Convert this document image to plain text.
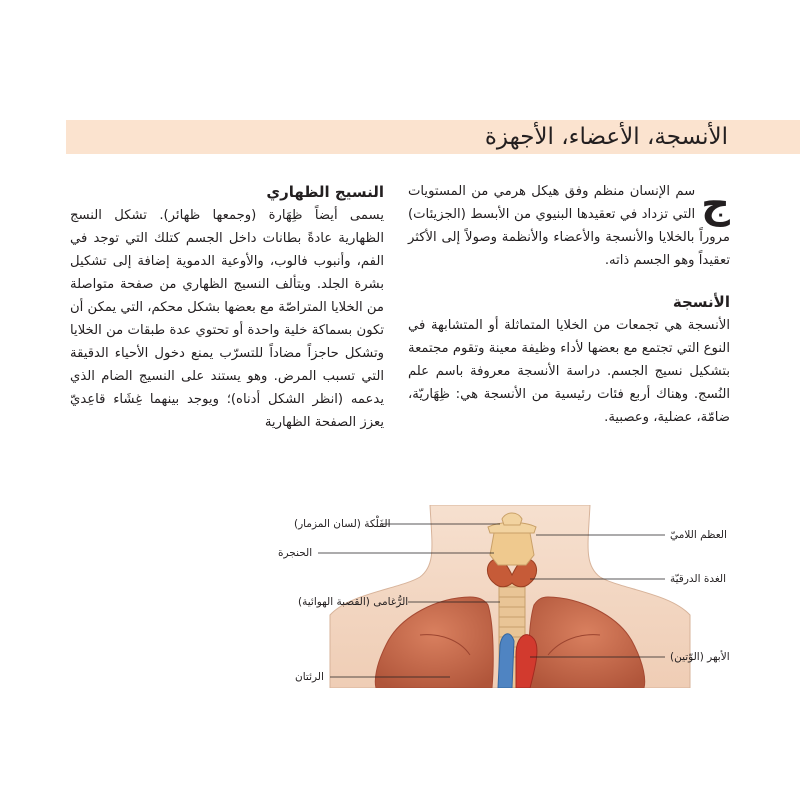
الأنسجة، الأعضاء، الأجهزة

ج
سم الإنسان منظم وفق هيكل هرمي من المستويات التي تزداد في تعقيدها البنيوي من الأبسط (الجزيئات) مروراً بالخلايا والأنسجة والأعضاء والأنظمة وصولاً إلى الأكثر تعقيداً وهو الجسم ذاته.

الأنسجة

الأنسجة هي تجمعات من الخلايا المتماثلة أو المتشابهة في النوع التي تجتمع مع بعضها لأداء وظيفة معينة وتقوم مجتمعة بتشكيل نسيج الجسم. دراسة الأنسجة معروفة باسم علم النُسج. وهناك أربع فئات رئيسية من الأنسجة هي: ظِهَاريّة، ضامّة، عضلية، وعصبية.

النسيج الظهاري

يسمى أيضاً ظِهَارة (وجمعها ظهائر). تشكل النسج الظهارية عادةً بطانات داخل الجسم كتلك التي توجد في الفم، وأنبوب فالوب، والأوعية الدموية إضافة إلى تشكيل بشرة الجلد. ويتألف النسيج الظهاري من صفحة متواصلة من الخلايا المتراصّة مع بعضها بشكل محكم، التي يمكن أن تكون بسماكة خلية واحدة أو تحتوي عدة طبقات من الخلايا وتشكل حاجزاً مضاداً للتسرّب يمنع دخول الأحياء الدقيقة التي تسبب المرض. وهو يستند على النسيج الضام الذي يدعمه (انظر الشكل أدناه)؛ ويوجد بينهما غِشَاء قاعِديّ يعزز الصفحة الظهارية

الفَلْكة (لسان المزمار)
الحنجرة
الرُّغامى (القصبة الهوائية)
الرئتان
العظم اللاميّ
الغدة الدرقيّة
الأبهر (الوّتين)
